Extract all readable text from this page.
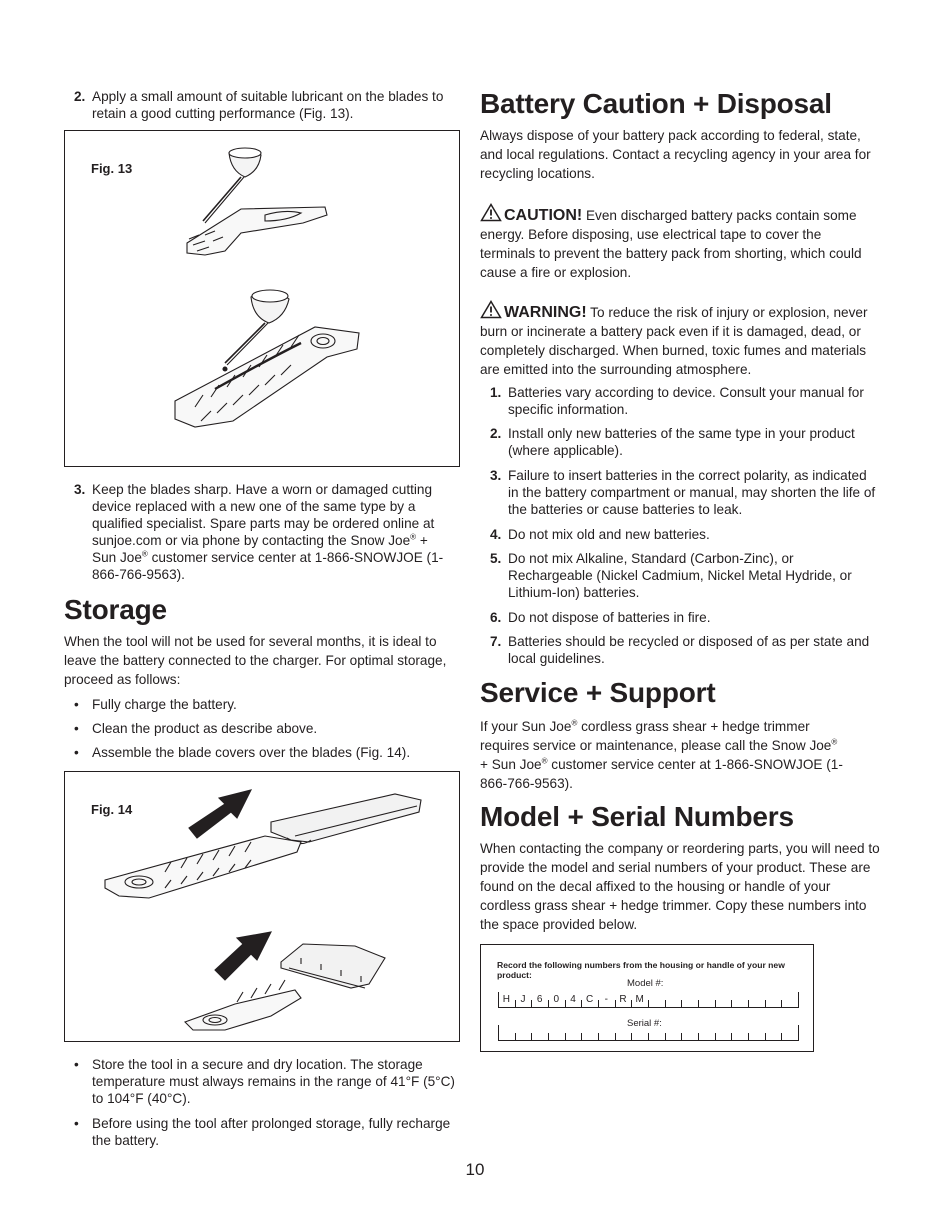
2. Apply a small amount of suitable lubricant on the blades to retain a good cutting performance (Fig. 13).
Fig. 13
3. Keep the blades sharp. Have a worn or damaged cutting device replaced with a new one of the same type by a qualified specialist. Spare parts may be ordered online at sunjoe.com or via phone by contacting the Snow Joe® + Sun Joe® customer service center at 1-866-SNOWJOE (1-866-766-9563).
Storage

When the tool will not be used for several months, it is ideal to leave the battery connected to the charger. For optimal storage, proceed as follows:

• Fully charge the battery.
• Clean the product as describe above.
• Assemble the blade covers over the blades (Fig. 14).
Fig. 14
• Store the tool in a secure and dry location. The storage temperature must always remains in the range of 41°F (5°C) to 104°F (40°C).
• Before using the tool after prolonged storage, fully recharge the battery.
Battery Caution + Disposal

Always dispose of your battery pack according to federal, state, and local regulations. Contact a recycling agency in your area for recycling locations.

CAUTION! Even discharged battery packs contain some energy. Before disposing, use electrical tape to cover the terminals to prevent the battery pack from shorting, which could cause a fire or explosion.

WARNING! To reduce the risk of injury or explosion, never burn or incinerate a battery pack even if it is damaged, dead, or completely discharged. When burned, toxic fumes and materials are emitted into the surrounding atmosphere.

1. Batteries vary according to device. Consult your manual for specific information.
2. Install only new batteries of the same type in your product (where applicable).
3. Failure to insert batteries in the correct polarity, as indicated in the battery compartment or manual, may shorten the life of the batteries or cause batteries to leak.
4. Do not mix old and new batteries.
5. Do not mix Alkaline, Standard (Carbon-Zinc), or Rechargeable (Nickel Cadmium, Nickel Metal Hydride, or Lithium-Ion) batteries.
6. Do not dispose of batteries in fire.
7. Batteries should be recycled or disposed of as per state and local guidelines.
Service + Support

If your Sun Joe® cordless grass shear + hedge trimmer requires service or maintenance, please call the Snow Joe® + Sun Joe® customer service center at 1-866-SNOWJOE (1-866-766-9563).

Model + Serial Numbers

When contacting the company or reordering parts, you will need to provide the model and serial numbers of your product. These are found on the decal affixed to the housing or handle of your cordless grass shear + hedge trimmer. Copy these numbers into the space provided below.

Record the following numbers from the housing or handle of your new product:
Model #:
H	J	6	0	4	C	-	R M
Serial #:
10
